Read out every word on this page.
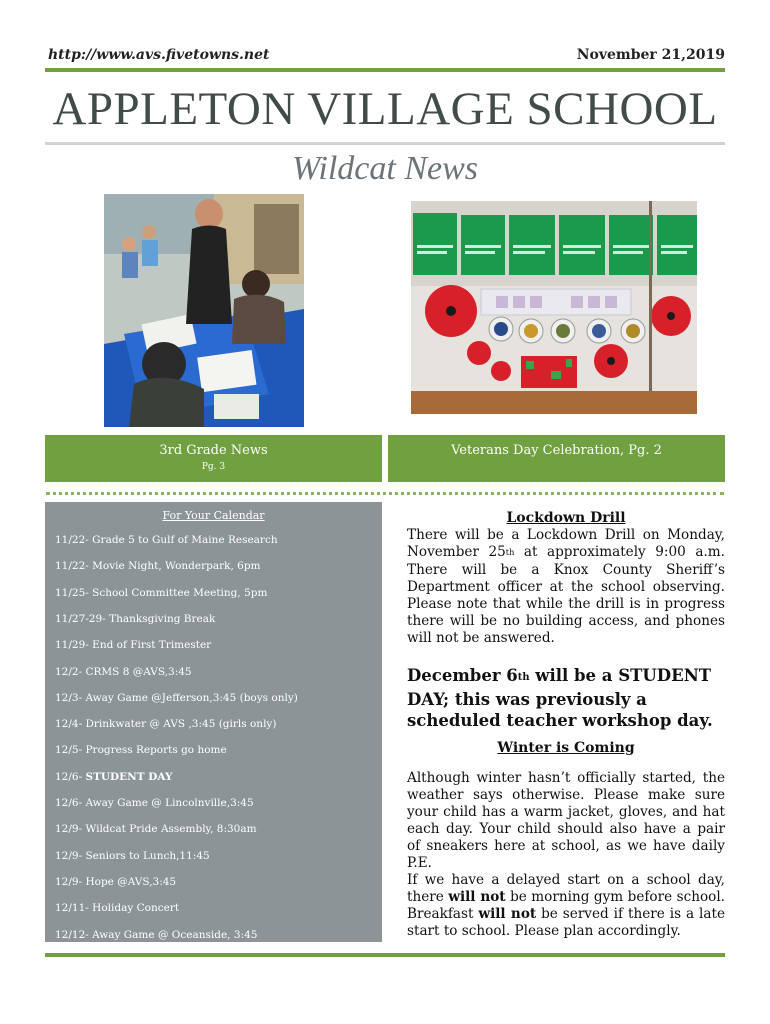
http://www.avs.fivetowns.net	November 21,2019
APPLETON VILLAGE SCHOOL
Wildcat News
3rd Grade News
Pg. 3
Veterans Day Celebration, Pg. 2
For Your Calendar
11/22- Grade 5 to Gulf of Maine Research
11/22- Movie Night, Wonderpark, 6pm
11/25- School Committee Meeting, 5pm
11/27-29- Thanksgiving Break
11/29- End of First Trimester
12/2- CRMS 8 @AVS,3:45
12/3- Away Game @Jefferson,3:45 (boys only)
12/4- Drinkwater @ AVS ,3:45 (girls only)
12/5- Progress Reports go home
12/6- STUDENT DAY
12/6- Away Game @ Lincolnville,3:45
12/9- Wildcat Pride Assembly, 8:30am
12/9- Seniors to Lunch,11:45
12/9- Hope @AVS,3:45
12/11- Holiday Concert
12/12- Away Game @ Oceanside, 3:45
Lockdown Drill
There will be a Lockdown Drill on Monday, November 25th at approximately 9:00 a.m. There will be a Knox County Sheriff’s Department officer at the school observing. Please note that while the drill is in progress there will be no building access, and phones will not be answered.
December 6th will be a STUDENT DAY; this was previously a scheduled teacher workshop day.
Winter is Coming
Although winter hasn’t officially started, the weather says otherwise. Please make sure your child has a warm jacket, gloves, and hat each day. Your child should also have a pair of sneakers here at school, as we have daily P.E.
If we have a delayed start on a school day, there will not be morning gym before school. Breakfast will not be served if there is a late start to school. Please plan accordingly.
